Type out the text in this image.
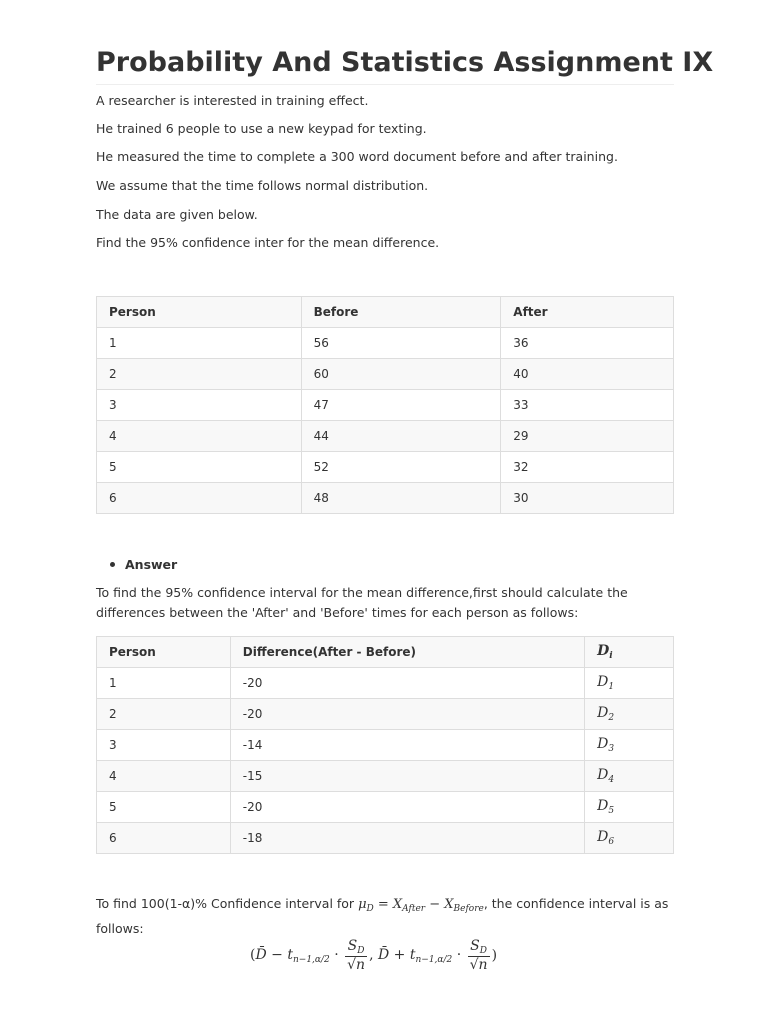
Probability And Statistics Assignment IX

A researcher is interested in training effect.

He trained 6 people to use a new keypad for texting.

He measured the time to complete a 300 word document before and after training.

We assume that the time follows normal distribution.

The data are given below.

Find the 95% confidence inter for the mean difference.

Person	Before	After
1	56	36
2	60	40
3	47	33
4	44	29
5	52	32
6	48	30
Answer

To find the 95% confidence interval for the mean difference,first should calculate the differences between the 'After' and 'Before' times for each person as follows:

Person	Difference(After - Before)	$D_i$
1	-20	$D_1$
2	-20	$D_2$
3	-14	$D_3$
4	-15	$D_4$
5	-20	$D_5$
6	-18	$D_6$

To find 100(1-α)% Confidence interval for $\mu_D = X_{After} - X_{Before}$, the confidence interval is as follows:

(D̄ − $t_{n-1,\alpha/2} \cdot \frac{S_D}{√n}$ , D̄ + $t_{n-1,\alpha/2} \cdot \frac{S_D}{√n}$ )
